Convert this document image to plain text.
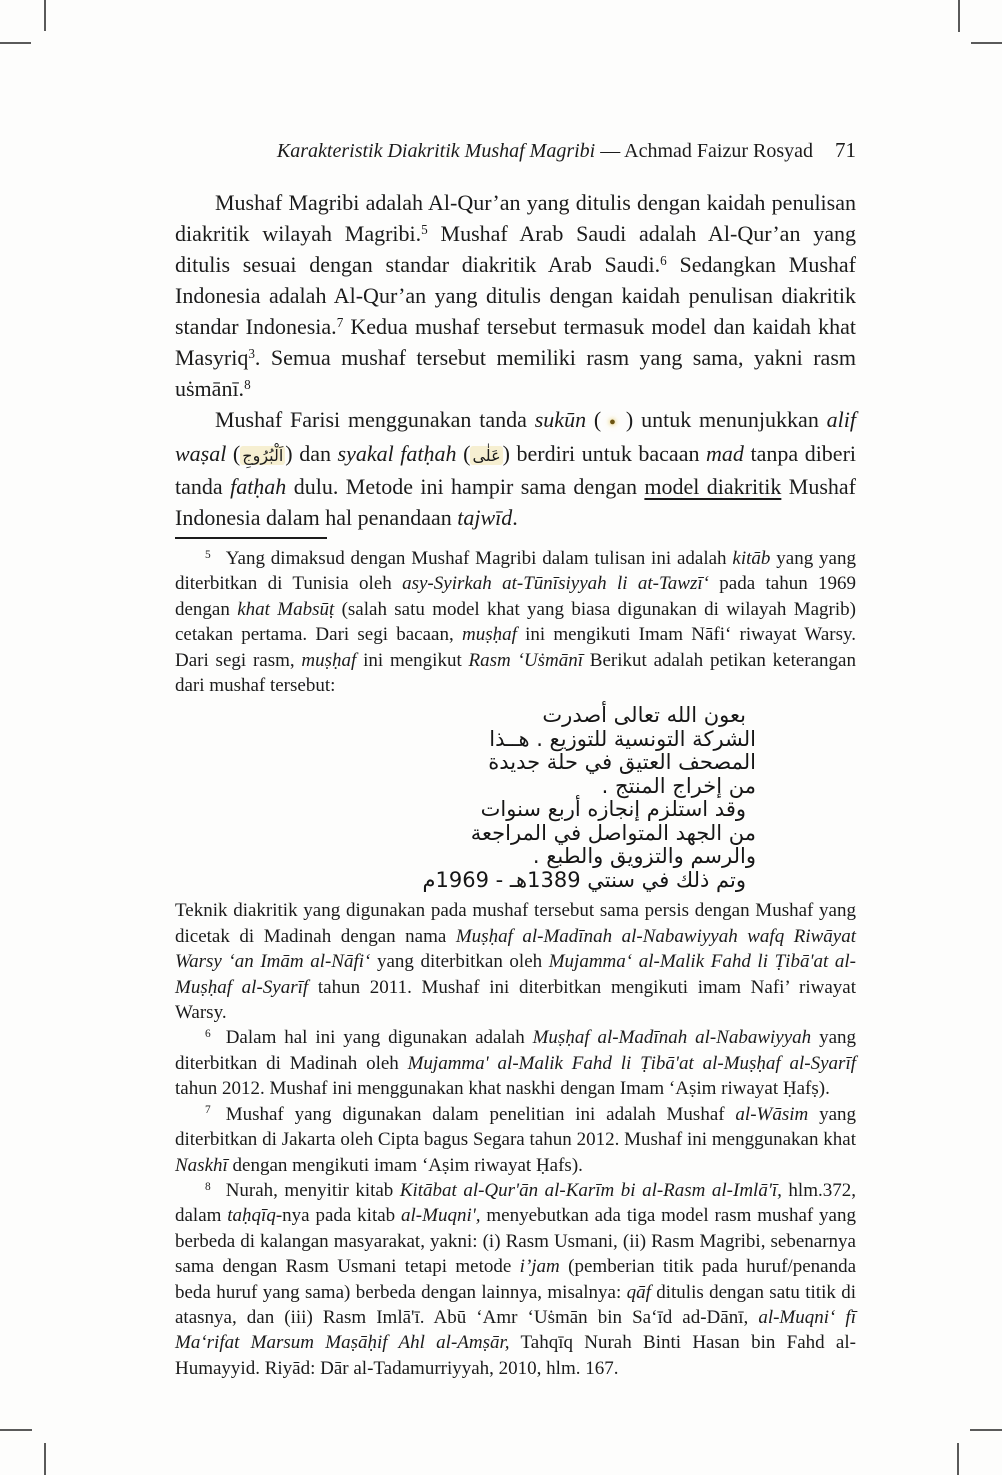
Karakteristik Diakritik Mushaf Magribi — Achmad Faizur Rosyad 71

Mushaf Magribi adalah Al-Qur’an yang ditulis dengan kaidah penulisan diakritik wilayah Magribi.$^5$ Mushaf Arab Saudi adalah Al-Qur’an yang ditulis sesuai dengan standar diakritik Arab Saudi.$^6$ Sedangkan Mushaf Indonesia adalah Al-Qur’an yang ditulis dengan kaidah penulisan diakritik standar Indonesia.$^7$ Kedua mushaf tersebut termasuk model dan kaidah khat Masyriq$^3$. Semua mushaf tersebut memiliki rasm yang sama, yakni rasm uṡmānī.$^8$

Mushaf Farisi menggunakan tanda sukūn ( ● ) untuk menunjukkan alif waṣal ( اَلْبُرُوجِ) dan syakal fatḥah ( عَلٰى) berdiri untuk bacaan mad tanpa diberi tanda fatḥah dulu. Metode ini hampir sama dengan model diakritik Mushaf Indonesia dalam hal penandaan tajwīd.

$^5$ Yang dimaksud dengan Mushaf Magribi dalam tulisan ini adalah kitāb yang yang diterbitkan di Tunisia oleh asy-Syirkah at-Tūnīsiyyah li at-Tawzī‘ pada tahun 1969 dengan khat Mabsūṭ (salah satu model khat yang biasa digunakan di wilayah Magrib) cetakan pertama. Dari segi bacaan, muṣḥaf ini mengikuti Imam Nāfi‘ riwayat Warsy. Dari segi rasm, muṣḥaf ini mengikut Rasm ‘Uṡmānī Berikut adalah petikan keterangan dari mushaf tersebut:

بعون الله تعالى أصدرت
الشركة التونسية للتوزيع . هــذا
المصحف العتيق في حلة جديدة
من إخراج المنتج .
وقد استلزم إنجازه أربع سنوات
من الجهد المتواصل في المراجعة
والرسم والتزويق والطبع .
وتم ذلك في سنتي 1389هـ - 1969م

Teknik diakritik yang digunakan pada mushaf tersebut sama persis dengan Mushaf yang dicetak di Madinah dengan nama Muṣḥaf al-Madīnah al-Nabawiyyah wafq Riwāyat Warsy ‘an Imām al-Nāfi‘ yang diterbitkan oleh Mujamma‘ al-Malik Fahd li Ṭibā'at al-Muṣḥaf al-Syarīf tahun 2011. Mushaf ini diterbitkan mengikuti imam Nafi’ riwayat Warsy.

$^6$ Dalam hal ini yang digunakan adalah Muṣḥaf al-Madīnah al-Nabawiyyah yang diterbitkan di Madinah oleh Mujamma' al-Malik Fahd li Ṭibā'at al-Muṣḥaf al-Syarīf tahun 2012. Mushaf ini menggunakan khat naskhi dengan Imam ‘Aṣim riwayat Ḥafṣ).

$^7$ Mushaf yang digunakan dalam penelitian ini adalah Mushaf al-Wāsim yang diterbitkan di Jakarta oleh Cipta bagus Segara tahun 2012. Mushaf ini menggunakan khat Naskhī dengan mengikuti imam ‘Aṣim riwayat Ḥafs).

$^8$ Nurah, menyitir kitab Kitābat al-Qur'ān al-Karīm bi al-Rasm al-Imlā'ī, hlm.372, dalam taḥqīq-nya pada kitab al-Muqni', menyebutkan ada tiga model rasm mushaf yang berbeda di kalangan masyarakat, yakni: (i) Rasm Usmani, (ii) Rasm Magribi, sebenarnya sama dengan Rasm Usmani tetapi metode i’jam (pemberian titik pada huruf/penanda beda huruf yang sama) berbeda dengan lainnya, misalnya: qāf ditulis dengan satu titik di atasnya, dan (iii) Rasm Imlā'ī. Abū ‘Amr ‘Uṡmān bin Sa‘īd ad-Dānī, al-Muqni‘ fī Ma‘rifat Marsum Maṣāḥif Ahl al-Amṣār, Tahqīq Nurah Binti Hasan bin Fahd al-Humayyid. Riyād: Dār al-Tadamurriyyah, 2010, hlm. 167.
